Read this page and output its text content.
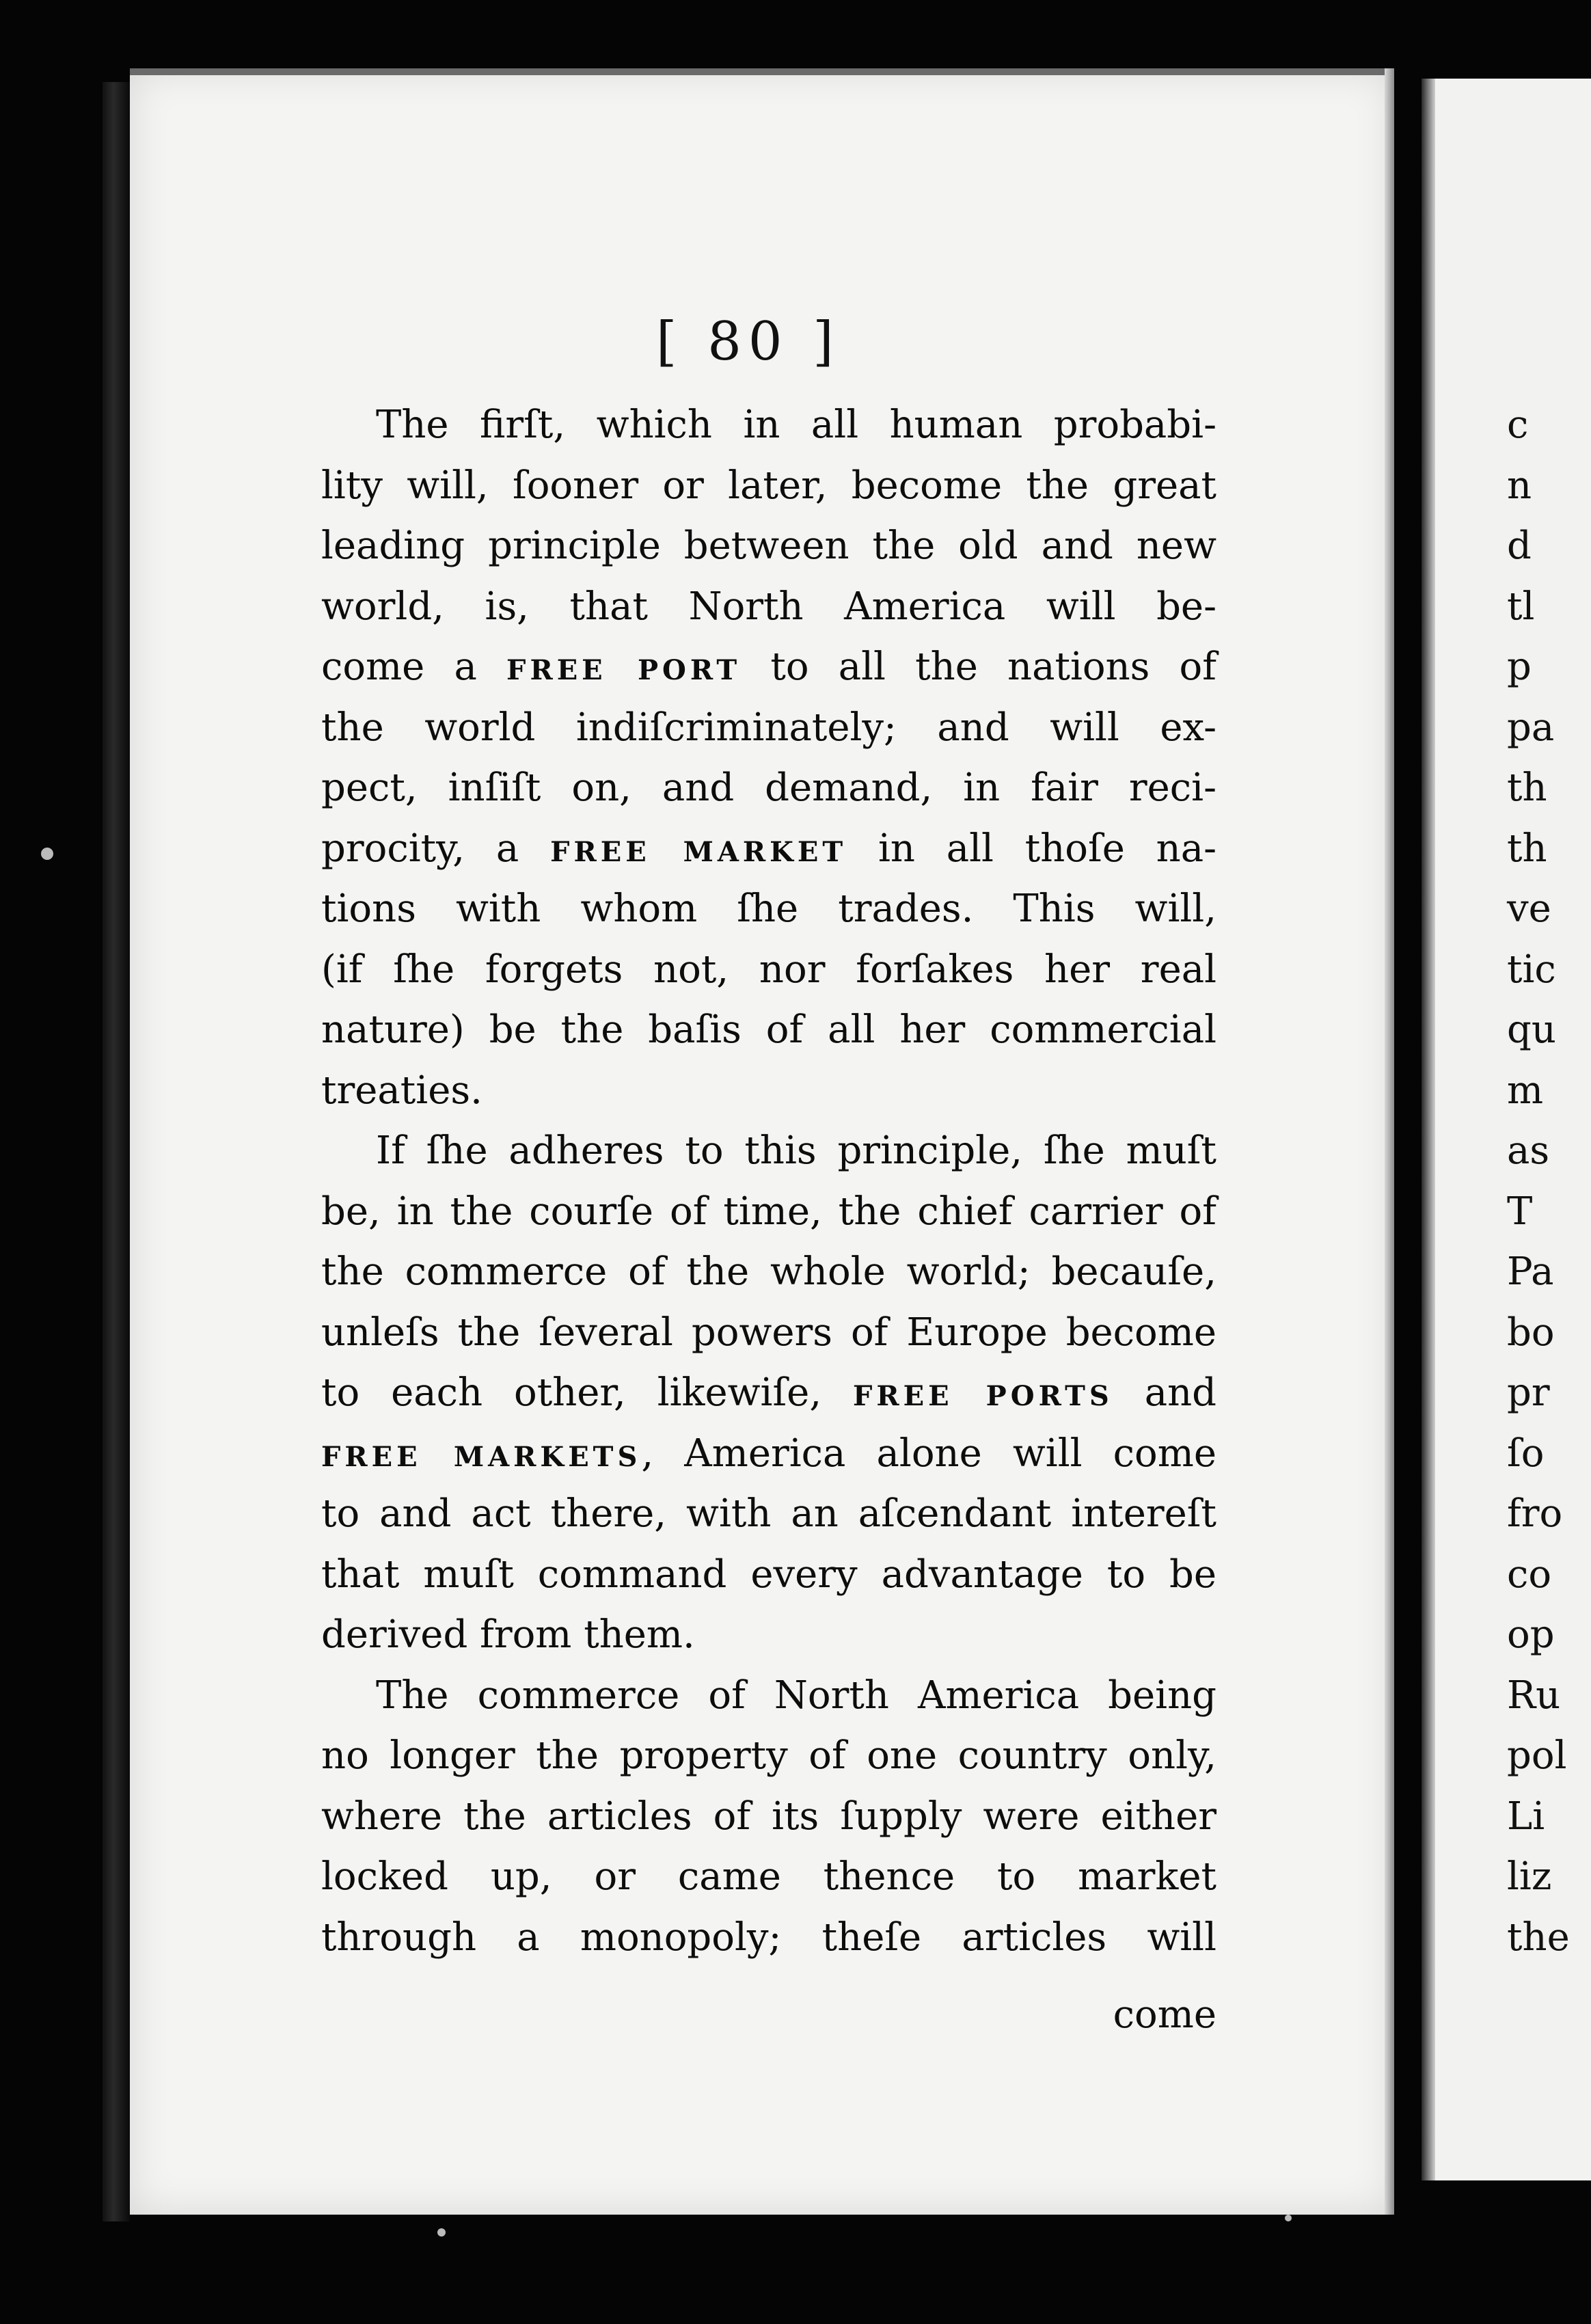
[ 80 ]

The firſt, which in all human probabi-
lity will, ſooner or later, become the great
leading principle between the old and new
world, is, that North America will be-
come a FREE PORT to all the nations of
the world indiſcriminately; and will ex-
pect, inſiſt on, and demand, in fair reci-
procity, a FREE MARKET in all thoſe na-
tions with whom ſhe trades. This will,
(if ſhe forgets not, nor forſakes her real
nature) be the baſis of all her commercial
treaties.

If ſhe adheres to this principle, ſhe muſt
be, in the courſe of time, the chief carrier of
the commerce of the whole world; becauſe,
unleſs the ſeveral powers of Europe become
to each other, likewiſe, FREE PORTS and
FREE MARKETS, America alone will come
to and act there, with an aſcendant intereſt
that muſt command every advantage to be
derived from them.

The commerce of North America being
no longer the property of one country only,
where the articles of its ſupply were either
locked up, or came thence to market
through a monopoly; theſe articles will

come
c
n
d
tl
p
pa
th
th
ve
tic
qu
m
as
T
Pa
bo
pr
ſo
fro
co
op
Ru
pol
Li
liz
the
